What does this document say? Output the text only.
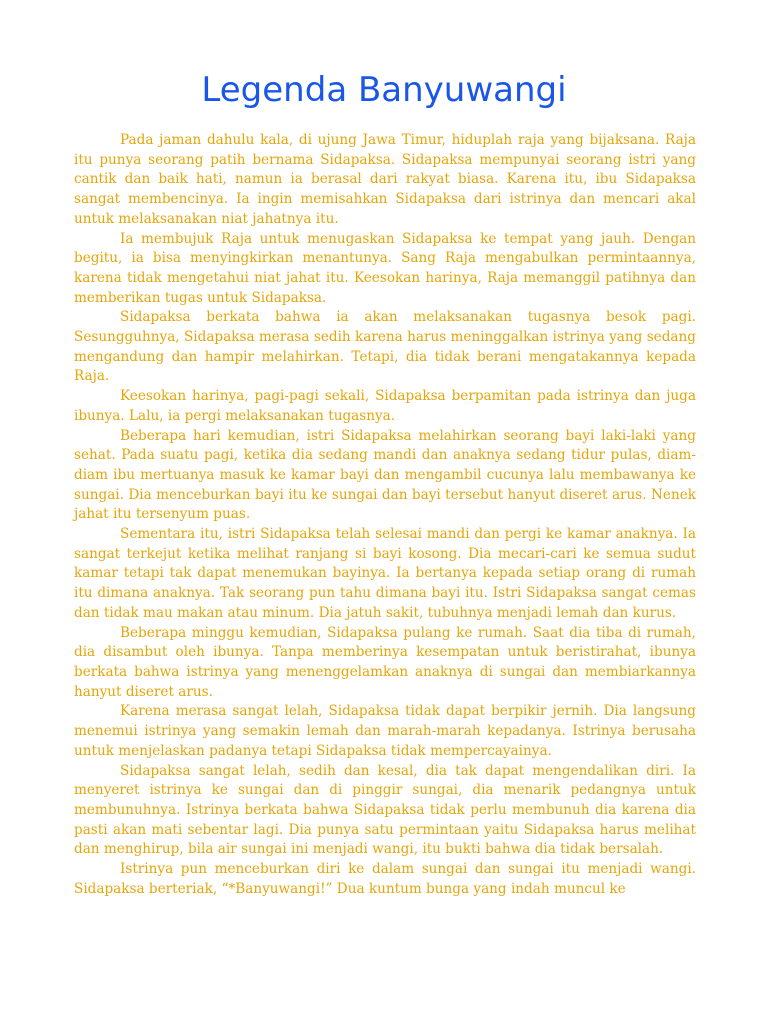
Legenda Banyuwangi

Pada jaman dahulu kala, di ujung Jawa Timur, hiduplah raja yang bijaksana. Raja itu punya seorang patih bernama Sidapaksa. Sidapaksa mempunyai seorang istri yang cantik dan baik hati, namun ia berasal dari rakyat biasa. Karena itu, ibu Sidapaksa sangat membencinya. Ia ingin memisahkan Sidapaksa dari istrinya dan mencari akal untuk melaksanakan niat jahatnya itu.

Ia membujuk Raja untuk menugaskan Sidapaksa ke tempat yang jauh. Dengan begitu, ia bisa menyingkirkan menantunya. Sang Raja mengabulkan permintaannya, karena tidak mengetahui niat jahat itu. Keesokan harinya, Raja memanggil patihnya dan memberikan tugas untuk Sidapaksa.

Sidapaksa berkata bahwa ia akan melaksanakan tugasnya besok pagi. Sesungguhnya, Sidapaksa merasa sedih karena harus meninggalkan istrinya yang sedang mengandung dan hampir melahirkan. Tetapi, dia tidak berani mengatakannya kepada Raja.

Keesokan harinya, pagi-pagi sekali, Sidapaksa berpamitan pada istrinya dan juga ibunya. Lalu, ia pergi melaksanakan tugasnya.

Beberapa hari kemudian, istri Sidapaksa melahirkan seorang bayi laki-laki yang sehat. Pada suatu pagi, ketika dia sedang mandi dan anaknya sedang tidur pulas, diam-diam ibu mertuanya masuk ke kamar bayi dan mengambil cucunya lalu membawanya ke sungai. Dia menceburkan bayi itu ke sungai dan bayi tersebut hanyut diseret arus. Nenek jahat itu tersenyum puas.

Sementara itu, istri Sidapaksa telah selesai mandi dan pergi ke kamar anaknya. Ia sangat terkejut ketika melihat ranjang si bayi kosong. Dia mecari-cari ke semua sudut kamar tetapi tak dapat menemukan bayinya. Ia bertanya kepada setiap orang di rumah itu dimana anaknya. Tak seorang pun tahu dimana bayi itu. Istri Sidapaksa sangat cemas dan tidak mau makan atau minum. Dia jatuh sakit, tubuhnya menjadi lemah dan kurus.

Beberapa minggu kemudian, Sidapaksa pulang ke rumah. Saat dia tiba di rumah, dia disambut oleh ibunya. Tanpa memberinya kesempatan untuk beristirahat, ibunya berkata bahwa istrinya yang menenggelamkan anaknya di sungai dan membiarkannya hanyut diseret arus.

Karena merasa sangat lelah, Sidapaksa tidak dapat berpikir jernih. Dia langsung menemui istrinya yang semakin lemah dan marah-marah kepadanya. Istrinya berusaha untuk menjelaskan padanya tetapi Sidapaksa tidak mempercayainya.

Sidapaksa sangat lelah, sedih dan kesal, dia tak dapat mengendalikan diri. Ia menyeret istrinya ke sungai dan di pinggir sungai, dia menarik pedangnya untuk membunuhnya. Istrinya berkata bahwa Sidapaksa tidak perlu membunuh dia karena dia pasti akan mati sebentar lagi. Dia punya satu permintaan yaitu Sidapaksa harus melihat dan menghirup, bila air sungai ini menjadi wangi, itu bukti bahwa dia tidak bersalah.

Istrinya pun menceburkan diri ke dalam sungai dan sungai itu menjadi wangi. Sidapaksa berteriak, “*Banyuwangi!” Dua kuntum bunga yang indah muncul ke
